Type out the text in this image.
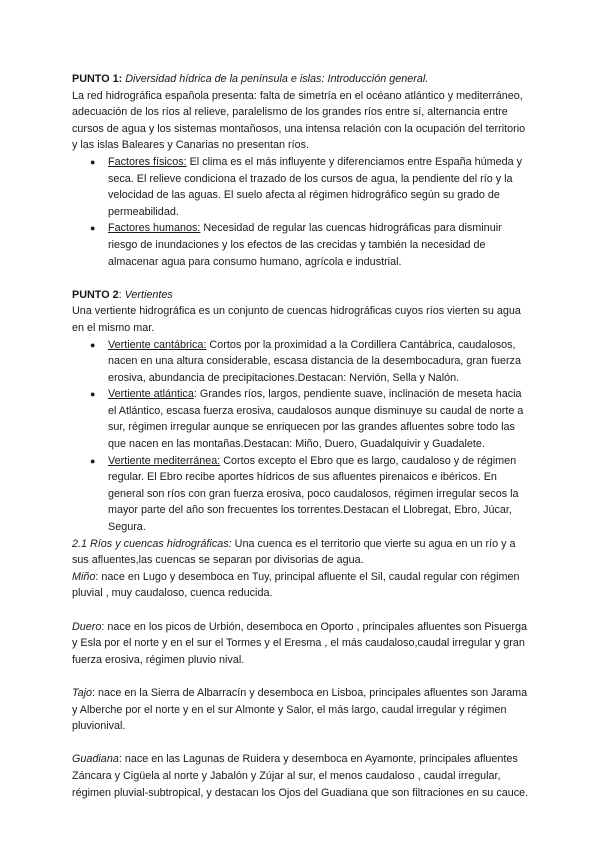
PUNTO 1: Diversidad hídrica de la península e islas: Introducción general.

La red hidrográfica española presenta: falta de simetría en el océano atlántico y mediterráneo, adecuación de los ríos al relieve, paralelismo de los grandes ríos entre sí, alternancia entre cursos de agua y los sistemas montañosos, una intensa relación con la ocupación del territorio y las islas Baleares y Canarias no presentan ríos.

● Factores físicos: El clima es el más influyente y diferenciamos entre España húmeda y seca. El relieve condiciona el trazado de los cursos de agua, la pendiente del río y la velocidad de las aguas. El suelo afecta al régimen hidrográfico según su grado de permeabilidad.
● Factores humanos: Necesidad de regular las cuencas hidrográficas para disminuir riesgo de inundaciones y los efectos de las crecidas y también la necesidad de almacenar agua para consumo humano, agrícola e industrial.

PUNTO 2: Vertientes

Una vertiente hidrográfica es un conjunto de cuencas hidrográficas cuyos ríos vierten su agua en el mismo mar.

● Vertiente cantábrica: Cortos por la proximidad a la Cordillera Cantábrica, caudalosos, nacen en una altura considerable, escasa distancia de la desembocadura, gran fuerza erosiva, abundancia de precipitaciones.Destacan: Nervión, Sella y Nalón.
● Vertiente atlántica: Grandes ríos, largos, pendiente suave, inclinación de meseta hacia el Atlántico, escasa fuerza erosiva, caudalosos aunque disminuye su caudal de norte a sur, régimen irregular aunque se enriquecen por las grandes afluentes sobre todo las que nacen en las montañas.Destacan: Miño, Duero, Guadalquivir y Guadalete.
● Vertiente mediterránea: Cortos excepto el Ebro que es largo, caudaloso y de régimen regular. El Ebro recibe aportes hídricos de sus afluentes pirenaicos e ibéricos. En general son ríos con gran fuerza erosiva, poco caudalosos, régimen irregular secos la mayor parte del año son frecuentes los torrentes.Destacan el Llobregat, Ebro, Júcar, Segura.

2.1 Ríos y cuencas hidrográficas: Una cuenca es el territorio que vierte su agua en un río y a sus afluentes,las cuencas se separan por divisorias de agua.

Miño: nace en Lugo y desemboca en Tuy, principal afluente el Sil, caudal regular con régimen pluvial , muy caudaloso, cuenca reducida.

Duero: nace en los picos de Urbión, desemboca en Oporto , principales afluentes son Pisuerga y Esla por el norte y en el sur el Tormes y el Eresma , el más caudaloso,caudal irregular y gran fuerza erosiva, régimen pluvio nival.

Tajo: nace en la Sierra de Albarracín y desemboca en Lisboa, principales afluentes son Jarama y Alberche por el norte y en el sur Almonte y Salor, el más largo, caudal irregular y régimen pluvionival.

Guadiana: nace en las Lagunas de Ruidera y desemboca en Ayamonte, principales afluentes Záncara y Cigüela al norte y Jabalón y Zújar al sur, el menos caudaloso , caudal irregular, régimen pluvial-subtropical, y destacan los Ojos del Guadiana que son filtraciones en su cauce.
